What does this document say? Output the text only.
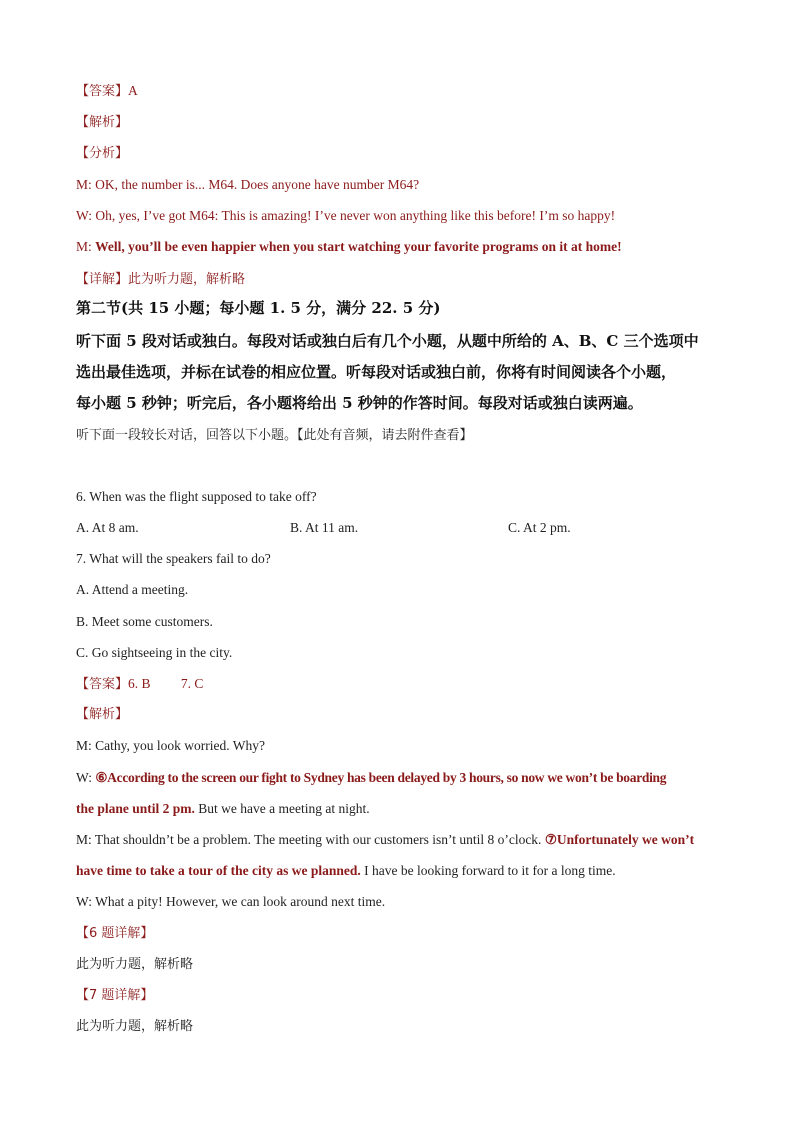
【答案】A
【解析】
【分析】
M: OK, the number is... M64. Does anyone have number M64?
W: Oh, yes, I’ve got M64: This is amazing! I’ve never won anything like this before! I’m so happy!
M: Well, you’ll be even happier when you start watching your favorite programs on it at home!
【详解】此为听力题，解析略
第二节(共 15 小题；每小题 1. 5 分，满分 22. 5 分)
听下面 5 段对话或独白。每段对话或独白后有几个小题，从题中所给的 A、B、C 三个选项中
选出最佳选项，并标在试卷的相应位置。听每段对话或独白前，你将有时间阅读各个小题，
每小题 5 秒钟；听完后，各小题将给出 5 秒钟的作答时间。每段对话或独白读两遍。
听下面一段较长对话，回答以下小题。【此处有音频，请去附件查看】
6. When was the flight supposed to take off?
A. At 8 am.	B. At 11 am.	C. At 2 pm.
7. What will the speakers fail to do?
A. Attend a meeting.
B. Meet some customers.
C. Go sightseeing in the city.
【答案】6. B         7. C
【解析】
M: Cathy, you look worried. Why?
W: ⑥According to the screen our fight to Sydney has been delayed by 3 hours, so now we won’t be boarding
the plane until 2 pm. But we have a meeting at night.
M: That shouldn’t be a problem. The meeting with our customers isn’t until 8 o’clock. ⑦Unfortunately we won’t
have time to take a tour of the city as we planned. I have be looking forward to it for a long time.
W: What a pity! However, we can look around next time.
【6 题详解】
此为听力题，解析略
【7 题详解】
此为听力题，解析略
